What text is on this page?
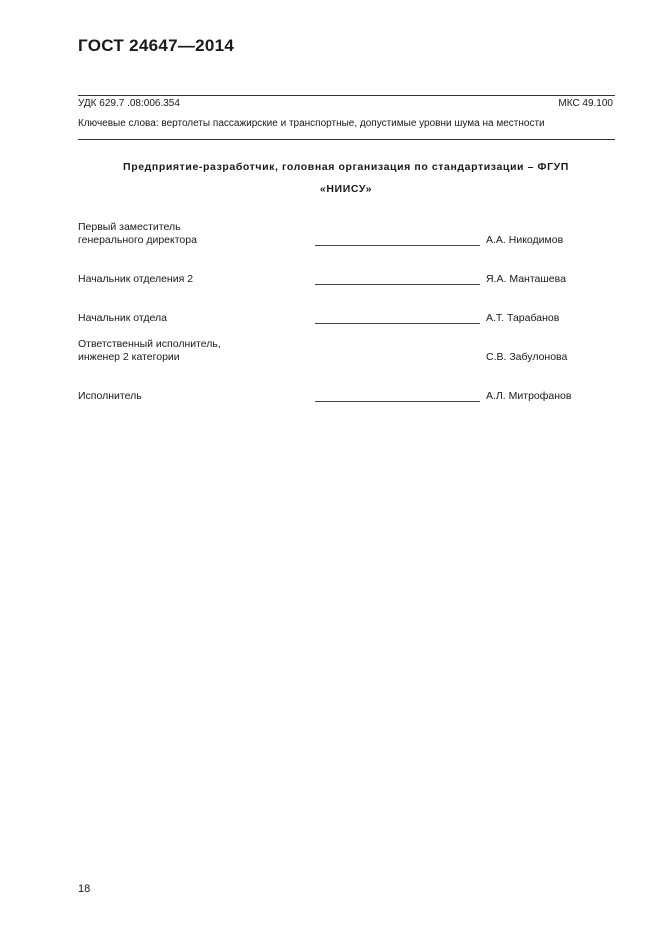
ГОСТ 24647—2014
УДК 629.7 .08:006.354	МКС 49.100
Ключевые слова: вертолеты пассажирские и транспортные, допустимые уровни шума на местности
Предприятие-разработчик, головная организация по стандартизации – ФГУП
«НИИСУ»
Первый заместитель
генерального директора	А.А. Никодимов
Начальник отделения 2	Я.А. Манташева
Начальник отдела	А.Т. Тарабанов
Ответственный исполнитель,
инженер 2 категории	С.В. Забулонова
Исполнитель	А.Л. Митрофанов
18
